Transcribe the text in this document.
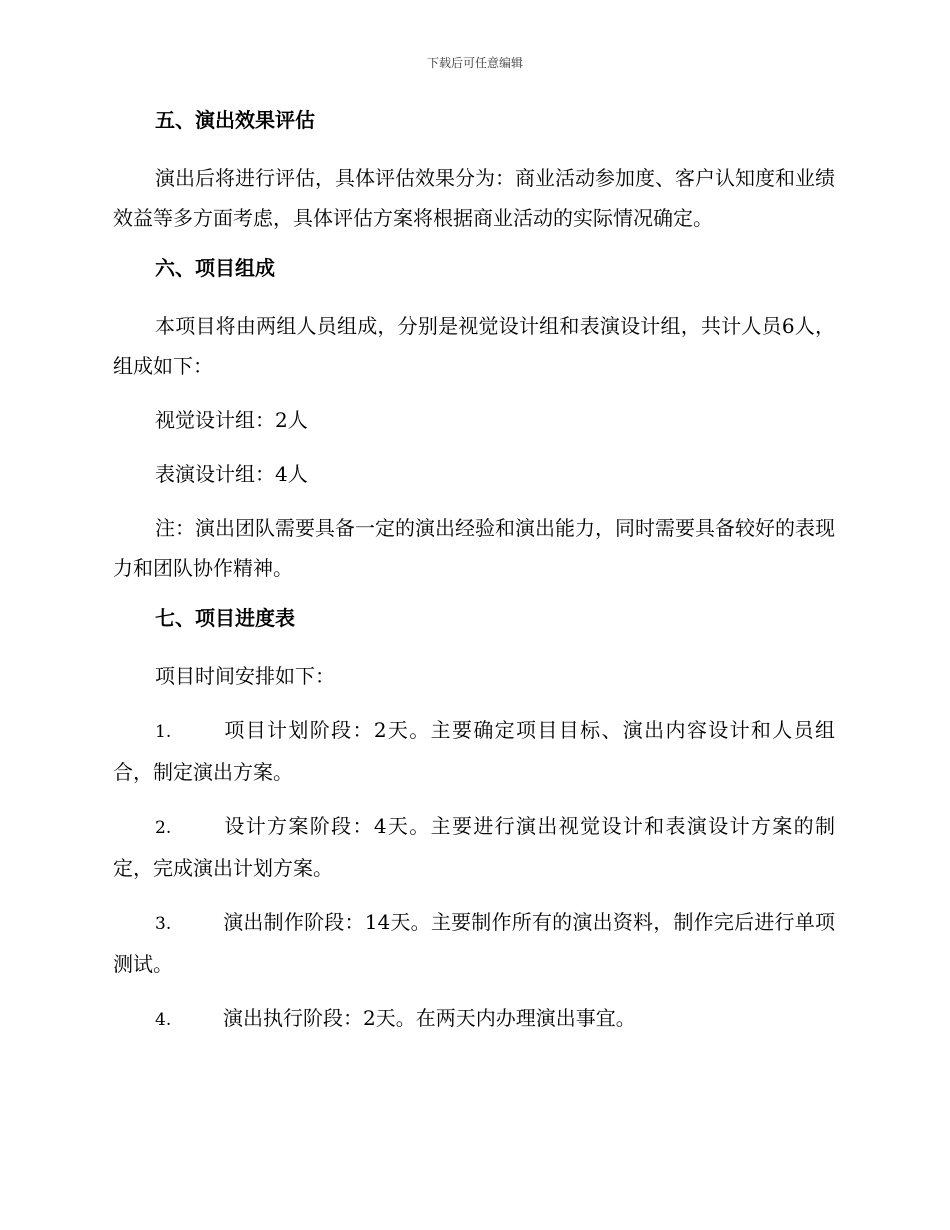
下载后可任意编辑
五、演出效果评估

演出后将进行评估，具体评估效果分为：商业活动参加度、客户认知度和业绩效益等多方面考虑，具体评估方案将根据商业活动的实际情况确定。

六、项目组成

本项目将由两组人员组成，分别是视觉设计组和表演设计组，共计人员6人，组成如下：

视觉设计组：2人

表演设计组：4人

注：演出团队需要具备一定的演出经验和演出能力，同时需要具备较好的表现力和团队协作精神。

七、项目进度表

项目时间安排如下：

1.	项目计划阶段：2天。主要确定项目目标、演出内容设计和人员组合，制定演出方案。

2.	设计方案阶段：4天。主要进行演出视觉设计和表演设计方案的制定，完成演出计划方案。

3.	演出制作阶段：14天。主要制作所有的演出资料，制作完后进行单项测试。

4.	演出执行阶段：2天。在两天内办理演出事宜。
